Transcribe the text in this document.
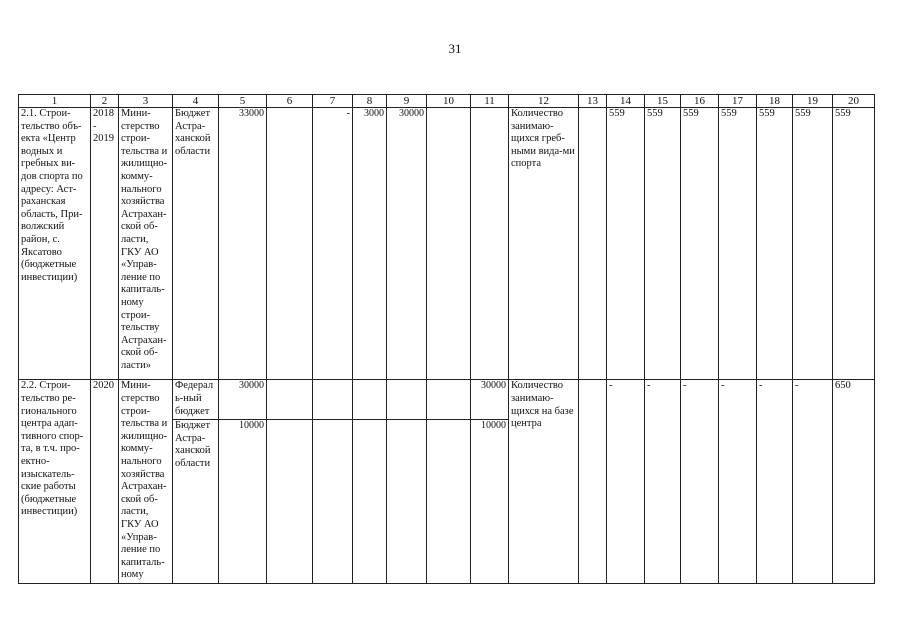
31
1	2	3	4	5	6	7	8	9	10	11	12	13	14	15	16	17	18	19	20
2.1. Строи-тельство объ-екта «Центр водных и гребных ви-дов спорта по адресу: Аст-раханская область, При-волжский район, с. Яксатово (бюджетные инвестиции)	2018 - 2019	Мини-стерство строи-тельства и жилищно-комму-нального хозяйства Астрахан-ской об-ласти, ГКУ АО «Управ-ление по капиталь-ному строи-тельству Астрахан-ской об-ласти»	Бюджет Астра-ханской области	33000		-	3000	30000			Количество занимаю-щихся греб-ными вида-ми спорта		559	559	559	559	559	559	559
2.2. Строи-тельство ре-гионального центра адап-тивного спор-та, в т.ч. про-ектно-изыскатель-ские работы (бюджетные инвестиции)	2020	Мини-стерство строи-тельства и жилищно-комму-нального хозяйства Астрахан-ской об-ласти, ГКУ АО «Управ-ление по капиталь-ному	Федераль-ный бюджет	30000						30000	Количество занимаю-щихся на базе центра		-	-	-	-	-	-	650
			Бюджет Астра-ханской области	10000						10000									
